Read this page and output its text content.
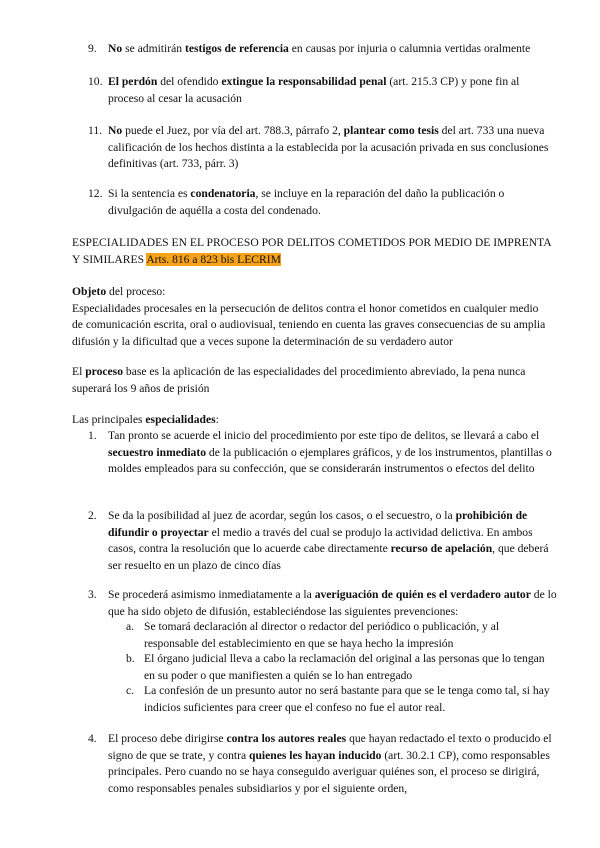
9. No se admitirán testigos de referencia en causas por injuria o calumnia vertidas oralmente
10. El perdón del ofendido extingue la responsabilidad penal (art. 215.3 CP) y pone fin al proceso al cesar la acusación
11. No puede el Juez, por vía del art. 788.3, párrafo 2, plantear como tesis del art. 733 una nueva calificación de los hechos distinta a la establecida por la acusación privada en sus conclusiones definitivas (art. 733, párr. 3)
12. Si la sentencia es condenatoria, se incluye en la reparación del daño la publicación o divulgación de aquélla a costa del condenado.
ESPECIALIDADES EN EL PROCESO POR DELITOS COMETIDOS POR MEDIO DE IMPRENTA Y SIMILARES Arts. 816 a 823 bis LECRIM
Objeto del proceso:
Especialidades procesales en la persecución de delitos contra el honor cometidos en cualquier medio de comunicación escrita, oral o audiovisual, teniendo en cuenta las graves consecuencias de su amplia difusión y la dificultad que a veces supone la determinación de su verdadero autor
El proceso base es la aplicación de las especialidades del procedimiento abreviado, la pena nunca superará los 9 años de prisión
Las principales especialidades:
1. Tan pronto se acuerde el inicio del procedimiento por este tipo de delitos, se llevará a cabo el secuestro inmediato de la publicación o ejemplares gráficos, y de los instrumentos, plantillas o moldes empleados para su confección, que se considerarán instrumentos o efectos del delito
2. Se da la posibilidad al juez de acordar, según los casos, o el secuestro, o la prohibición de difundir o proyectar el medio a través del cual se produjo la actividad delictiva. En ambos casos, contra la resolución que lo acuerde cabe directamente recurso de apelación, que deberá ser resuelto en un plazo de cinco días
3. Se procederá asimismo inmediatamente a la averiguación de quién es el verdadero autor de lo que ha sido objeto de difusión, estableciéndose las siguientes prevenciones:
a. Se tomará declaración al director o redactor del periódico o publicación, y al responsable del establecimiento en que se haya hecho la impresión
b. El órgano judicial lleva a cabo la reclamación del original a las personas que lo tengan en su poder o que manifiesten a quién se lo han entregado
c. La confesión de un presunto autor no será bastante para que se le tenga como tal, si hay indicios suficientes para creer que el confeso no fue el autor real.
4. El proceso debe dirigirse contra los autores reales que hayan redactado el texto o producido el signo de que se trate, y contra quienes les hayan inducido (art. 30.2.1 CP), como responsables principales. Pero cuando no se haya conseguido averiguar quiénes son, el proceso se dirigirá, como responsables penales subsidiarios y por el siguiente orden,
